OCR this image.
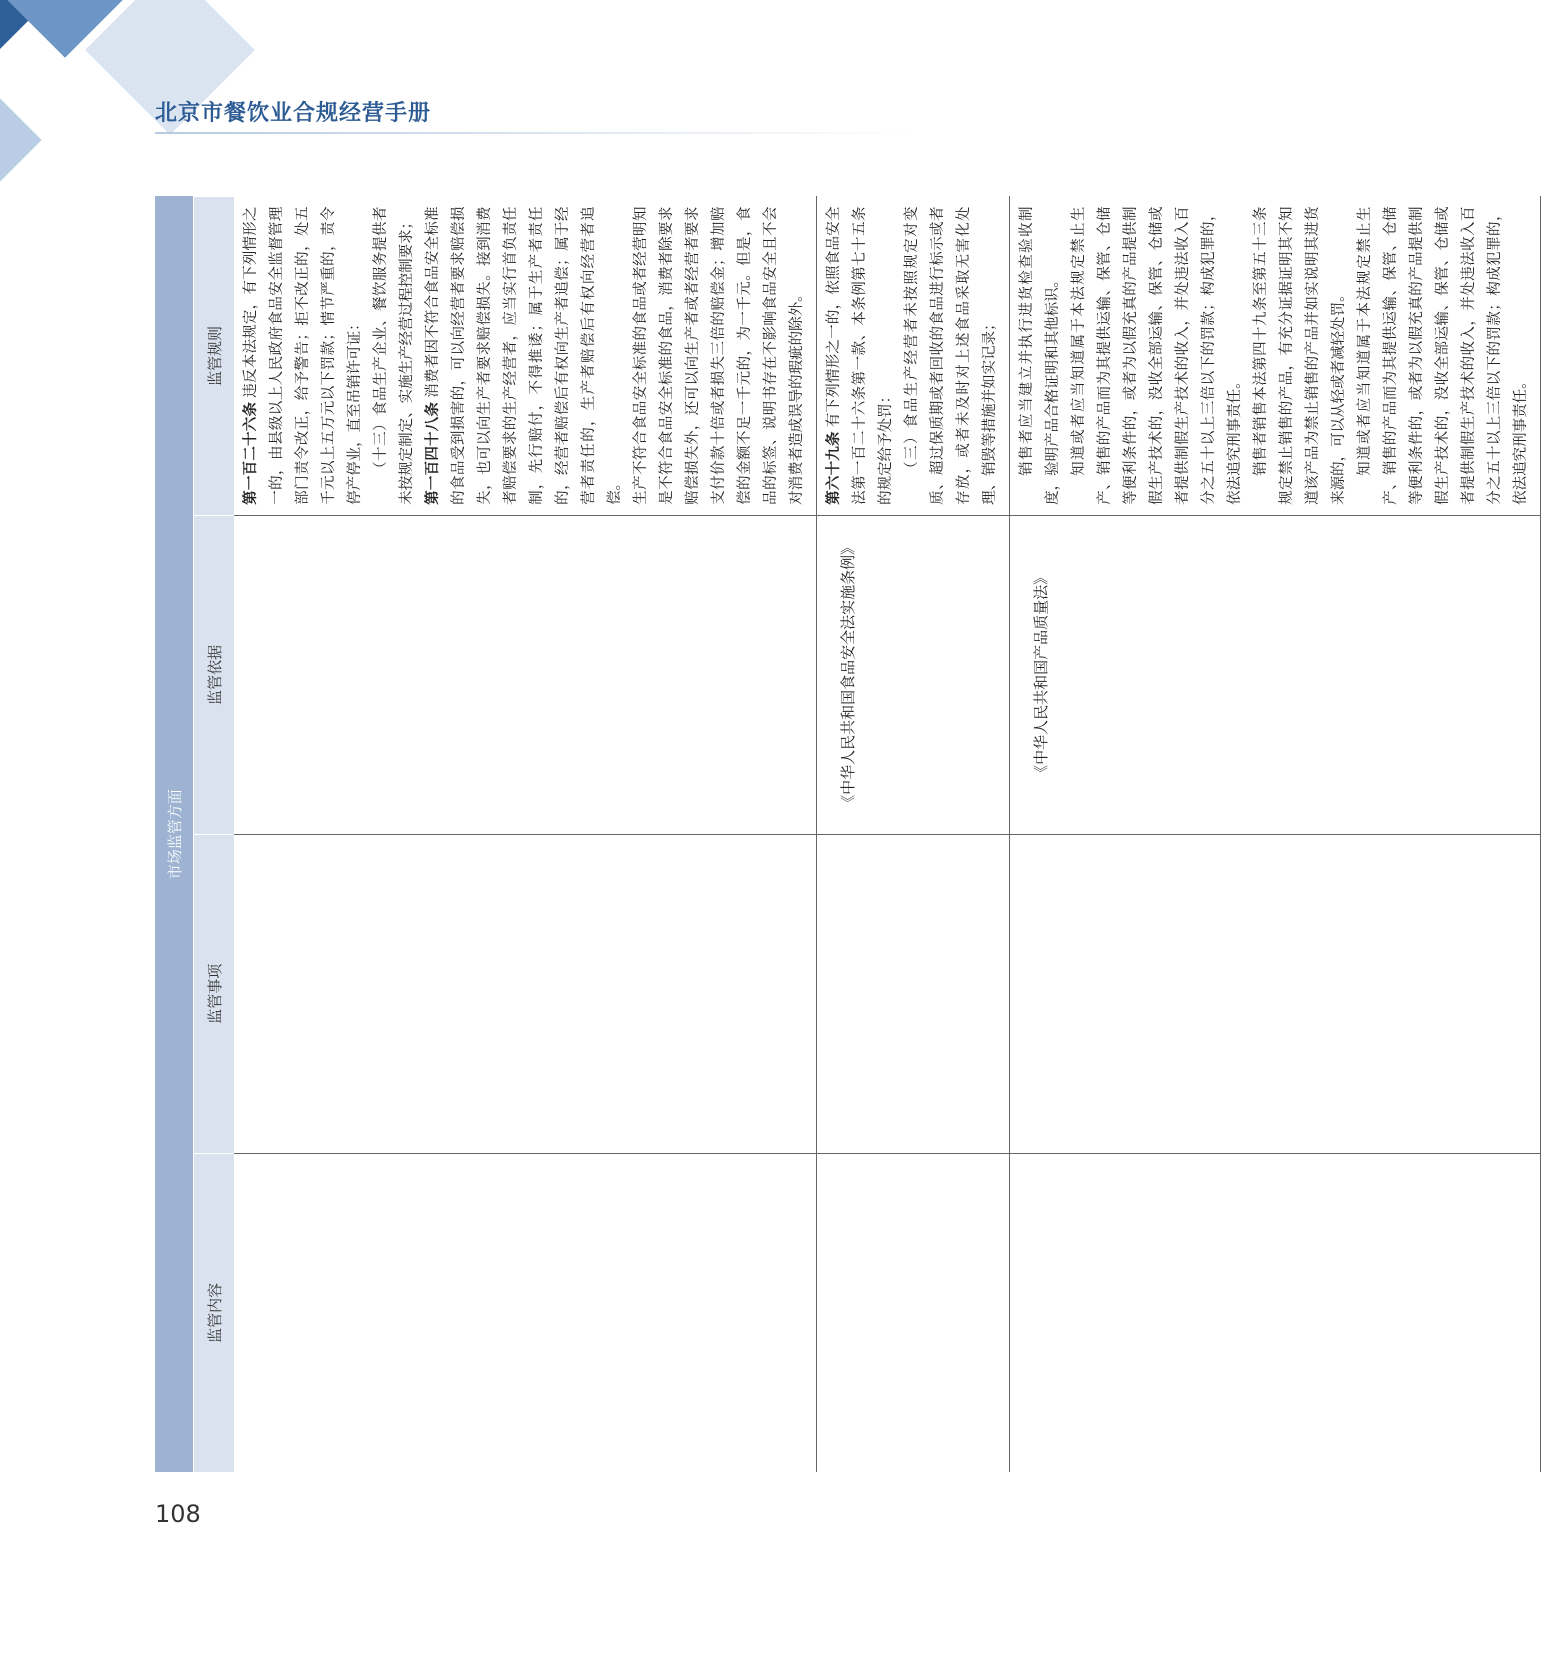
北京市餐饮业合规经营手册
市场监管方面			
监管内容	监管事项	监管依据	监管规则

			第一百二十六条违反本法规定，有下列情形之一的，由县级以上人民政府食品安全监督管理部门责令改正，给予警告；拒不改正的，处五千元以上五万元以下罚款；情节严重的，责令停产停业，直至吊销许可证： （十三）食品生产企业、餐饮服务提供者未按规定制定、实施生产经营过程控制要求； 第一百四十八条消费者因不符合食品安全标准的食品受到损害的，可以向经营者要求赔偿损失，也可以向生产者要求赔偿损失。接到消费者赔偿要求的生产经营者，应当实行首负责任制，先行赔付，不得推诿；属于生产者责任的，经营者赔偿后有权向生产者追偿；属于经营者责任的，生产者赔偿后有权向经营者追偿。 生产不符合食品安全标准的食品或者经营明知是不符合食品安全标准的食品，消费者除要求赔偿损失外，还可以向生产者或者经营者要求支付价款十倍或者损失三倍的赔偿金；增加赔偿的金额不足一千元的，为一千元。但是，食品的标签、说明书存在不影响食品安全且不会对消费者造成误导的瑕疵的除外。

		《中华人民共和国食品安全法实施条例》	第六十九条有下列情形之一的，依照食品安全法第一百二十六条第一款、本条例第七十五条的规定给予处罚： （三）食品生产经营者未按照规定对变质、超过保质期或者回收的食品进行标示或者存放，或者未及时对上述食品采取无害化处理、销毁等措施并如实记录；

		《中华人民共和国产品质量法》	销售者应当建立并执行进货检查验收制度，验明产品合格证明和其他标识。 知道或者应当知道属于本法规定禁止生产、销售的产品而为其提供运输、保管、仓储等便利条件的，或者为以假充真的产品提供制假生产技术的，没收全部运输、保管、仓储或者提供制假生产技术的收入，并处违法收入百分之五十以上三倍以下的罚款；构成犯罪的，依法追究刑事责任。 销售者销售本法第四十九条至第五十三条规定禁止销售的产品，有充分证据证明其不知道该产品为禁止销售的产品并如实说明其进货来源的，可以从轻或者减轻处罚。 知道或者应当知道属于本法规定禁止生产、销售的产品而为其提供运输、保管、仓储等便利条件的，或者为以假充真的产品提供制假生产技术的，没收全部运输、保管、仓储或者提供制假生产技术的收入，并处违法收入百分之五十以上三倍以下的罚款；构成犯罪的，依法追究刑事责任。

108
